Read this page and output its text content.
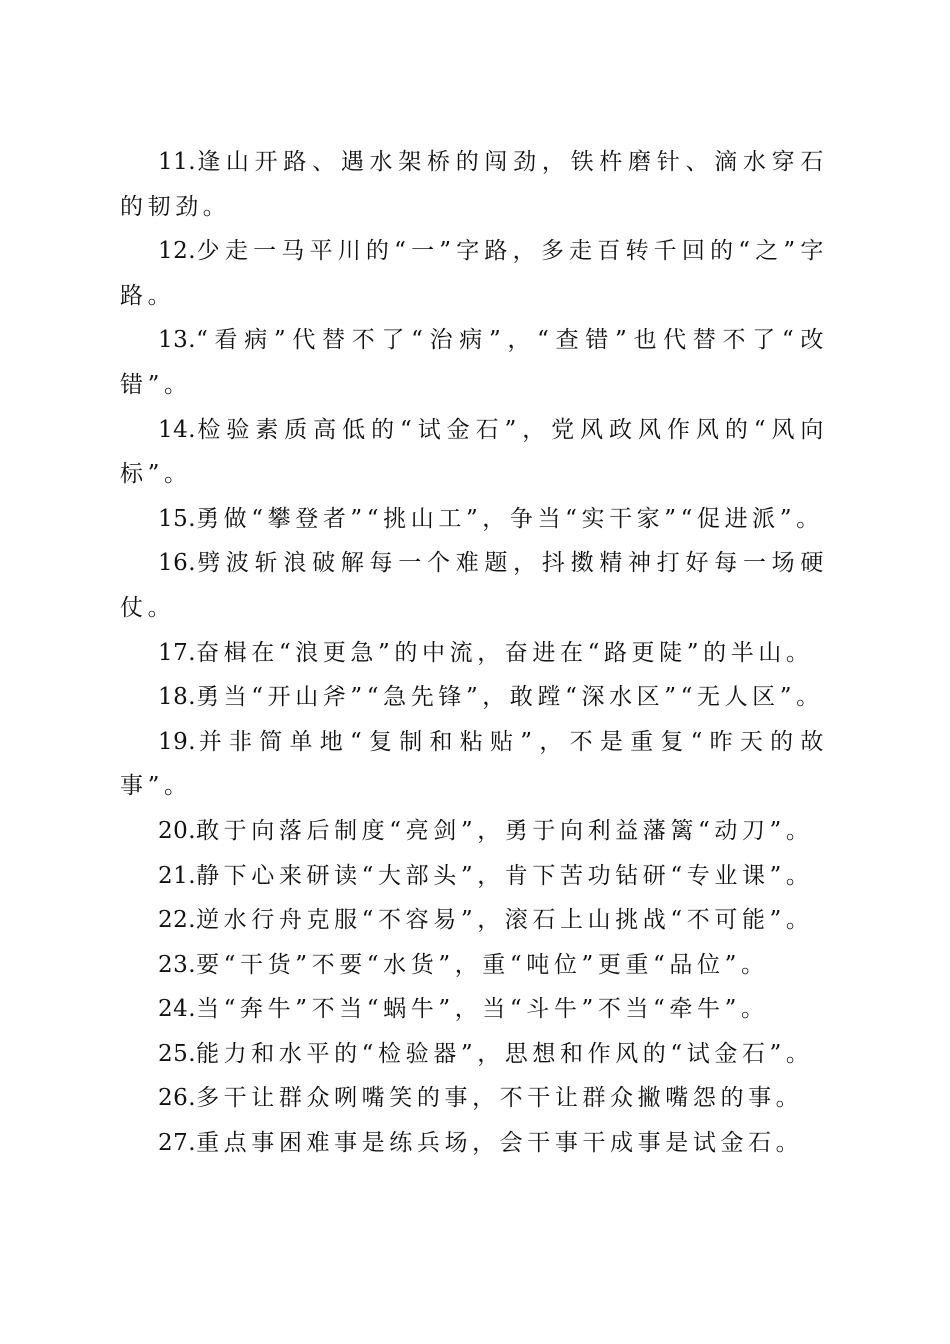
11.逢山开路、遇水架桥的闯劲，铁杵磨针、滴水穿石的韧劲。

12.少走一马平川的“一”字路，多走百转千回的“之”字路。

13.“看病”代替不了“治病”，“查错”也代替不了“改错”。

14.检验素质高低的“试金石”，党风政风作风的“风向标”。

15.勇做“攀登者”“挑山工”，争当“实干家”“促进派”。

16.劈波斩浪破解每一个难题，抖擞精神打好每一场硬仗。

17.奋楫在“浪更急”的中流，奋进在“路更陡”的半山。

18.勇当“开山斧”“急先锋”，敢蹚“深水区”“无人区”。

19.并非简单地“复制和粘贴”，不是重复“昨天的故事”。

20.敢于向落后制度“亮剑”，勇于向利益藩篱“动刀”。

21.静下心来研读“大部头”，肯下苦功钻研“专业课”。

22.逆水行舟克服“不容易”，滚石上山挑战“不可能”。

23.要“干货”不要“水货”，重“吨位”更重“品位”。

24.当“奔牛”不当“蜗牛”，当“斗牛”不当“牵牛”。

25.能力和水平的“检验器”，思想和作风的“试金石”。

26.多干让群众咧嘴笑的事，不干让群众撇嘴怨的事。

27.重点事困难事是练兵场，会干事干成事是试金石。
